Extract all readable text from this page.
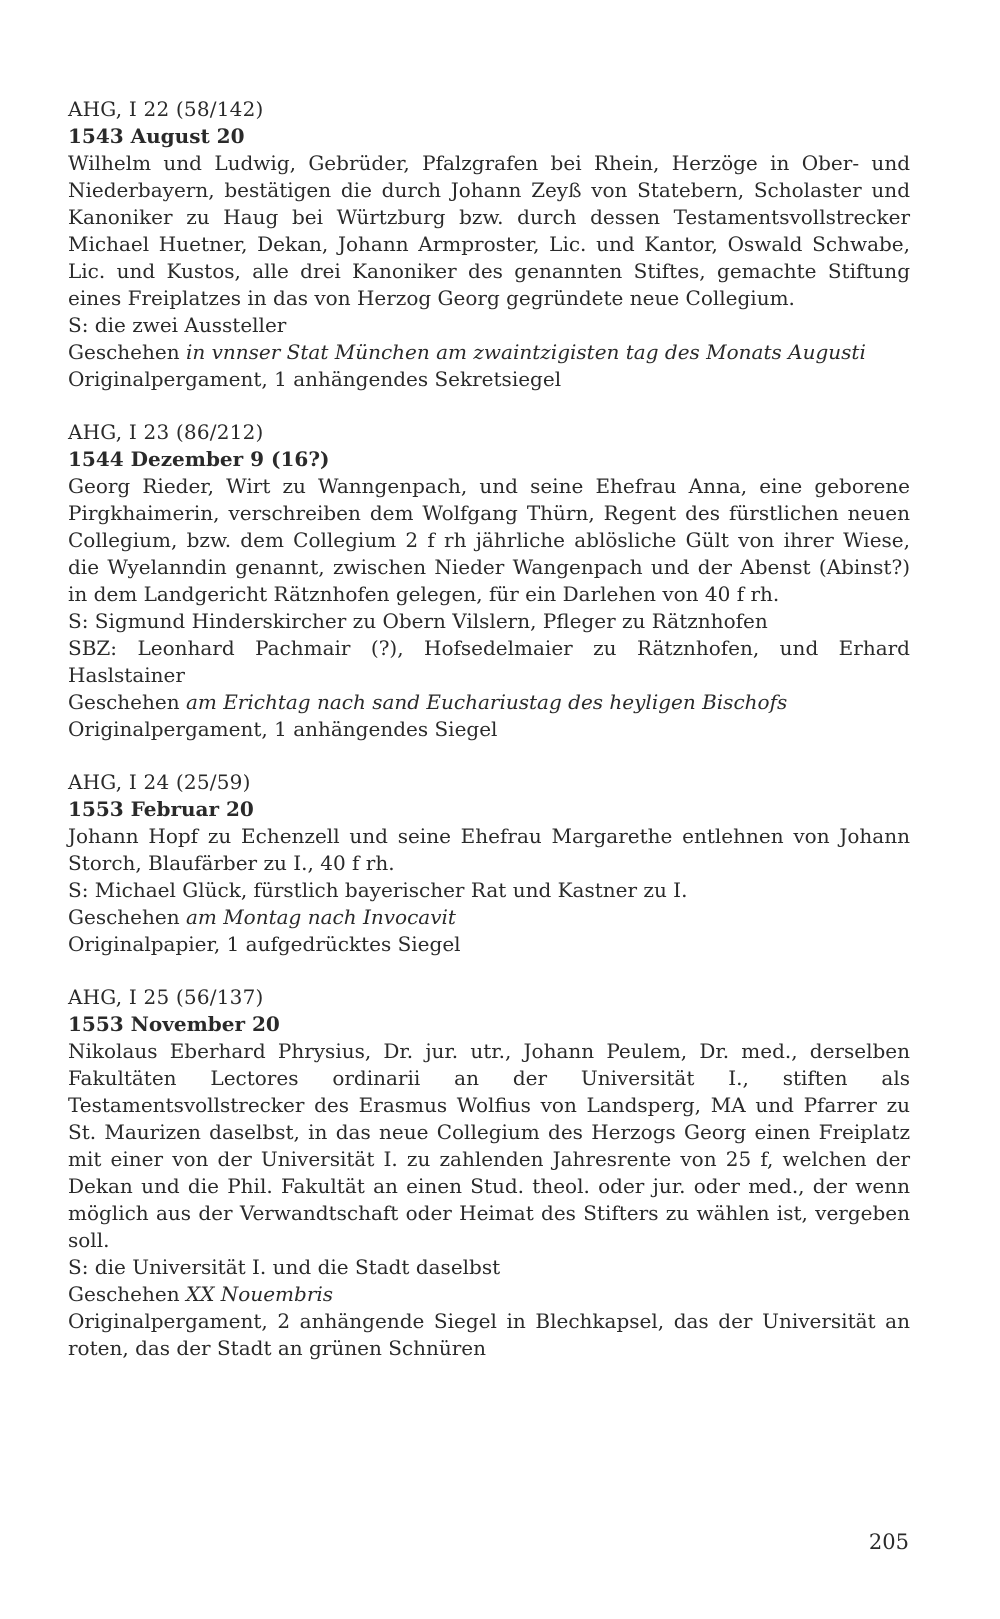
AHG, I 22 (58/142)
1543 August 20
Wilhelm und Ludwig, Gebrüder, Pfalzgrafen bei Rhein, Herzöge in Ober- und Niederbayern, bestätigen die durch Johann Zeyß von Statebern, Scholaster und Kanoniker zu Haug bei Würtzburg bzw. durch dessen Testamentsvollstrecker Michael Huetner, Dekan, Johann Armproster, Lic. und Kantor, Oswald Schwabe, Lic. und Kustos, alle drei Kanoniker des genannten Stiftes, gemachte Stiftung eines Freiplatzes in das von Herzog Georg gegründete neue Collegium.
S: die zwei Aussteller
Geschehen in vnnser Stat München am zwaintzigisten tag des Monats Augusti
Originalpergament, 1 anhängendes Sekretsiegel
AHG, I 23 (86/212)
1544 Dezember 9 (16?)
Georg Rieder, Wirt zu Wanngenpach, und seine Ehefrau Anna, eine geborene Pirgkhaimerin, verschreiben dem Wolfgang Thürn, Regent des fürstlichen neuen Collegium, bzw. dem Collegium 2 f rh jährliche ablösliche Gült von ihrer Wiese, die Wyelanndin genannt, zwischen Nieder Wangenpach und der Abenst (Abinst?) in dem Landgericht Rätznhofen gelegen, für ein Darlehen von 40 f rh.
S: Sigmund Hinderskircher zu Obern Vilslern, Pfleger zu Rätznhofen
SBZ: Leonhard Pachmair (?), Hofsedelmaier zu Rätznhofen, und Erhard Haslstainer
Geschehen am Erichtag nach sand Euchariustag des heyligen Bischofs
Originalpergament, 1 anhängendes Siegel
AHG, I 24 (25/59)
1553 Februar 20
Johann Hopf zu Echenzell und seine Ehefrau Margarethe entlehnen von Johann Storch, Blaufärber zu I., 40 f rh.
S: Michael Glück, fürstlich bayerischer Rat und Kastner zu I.
Geschehen am Montag nach Invocavit
Originalpapier, 1 aufgedrücktes Siegel
AHG, I 25 (56/137)
1553 November 20
Nikolaus Eberhard Phrysius, Dr. jur. utr., Johann Peulem, Dr. med., derselben Fakultäten Lectores ordinarii an der Universität I., stiften als Testamentsvollstrecker des Erasmus Wolfius von Landsperg, MA und Pfarrer zu St. Maurizen daselbst, in das neue Collegium des Herzogs Georg einen Freiplatz mit einer von der Universität I. zu zahlenden Jahresrente von 25 f, welchen der Dekan und die Phil. Fakultät an einen Stud. theol. oder jur. oder med., der wenn möglich aus der Verwandtschaft oder Heimat des Stifters zu wählen ist, vergeben soll.
S: die Universität I. und die Stadt daselbst
Geschehen XX Nouembris
Originalpergament, 2 anhängende Siegel in Blechkapsel, das der Universität an roten, das der Stadt an grünen Schnüren
205
